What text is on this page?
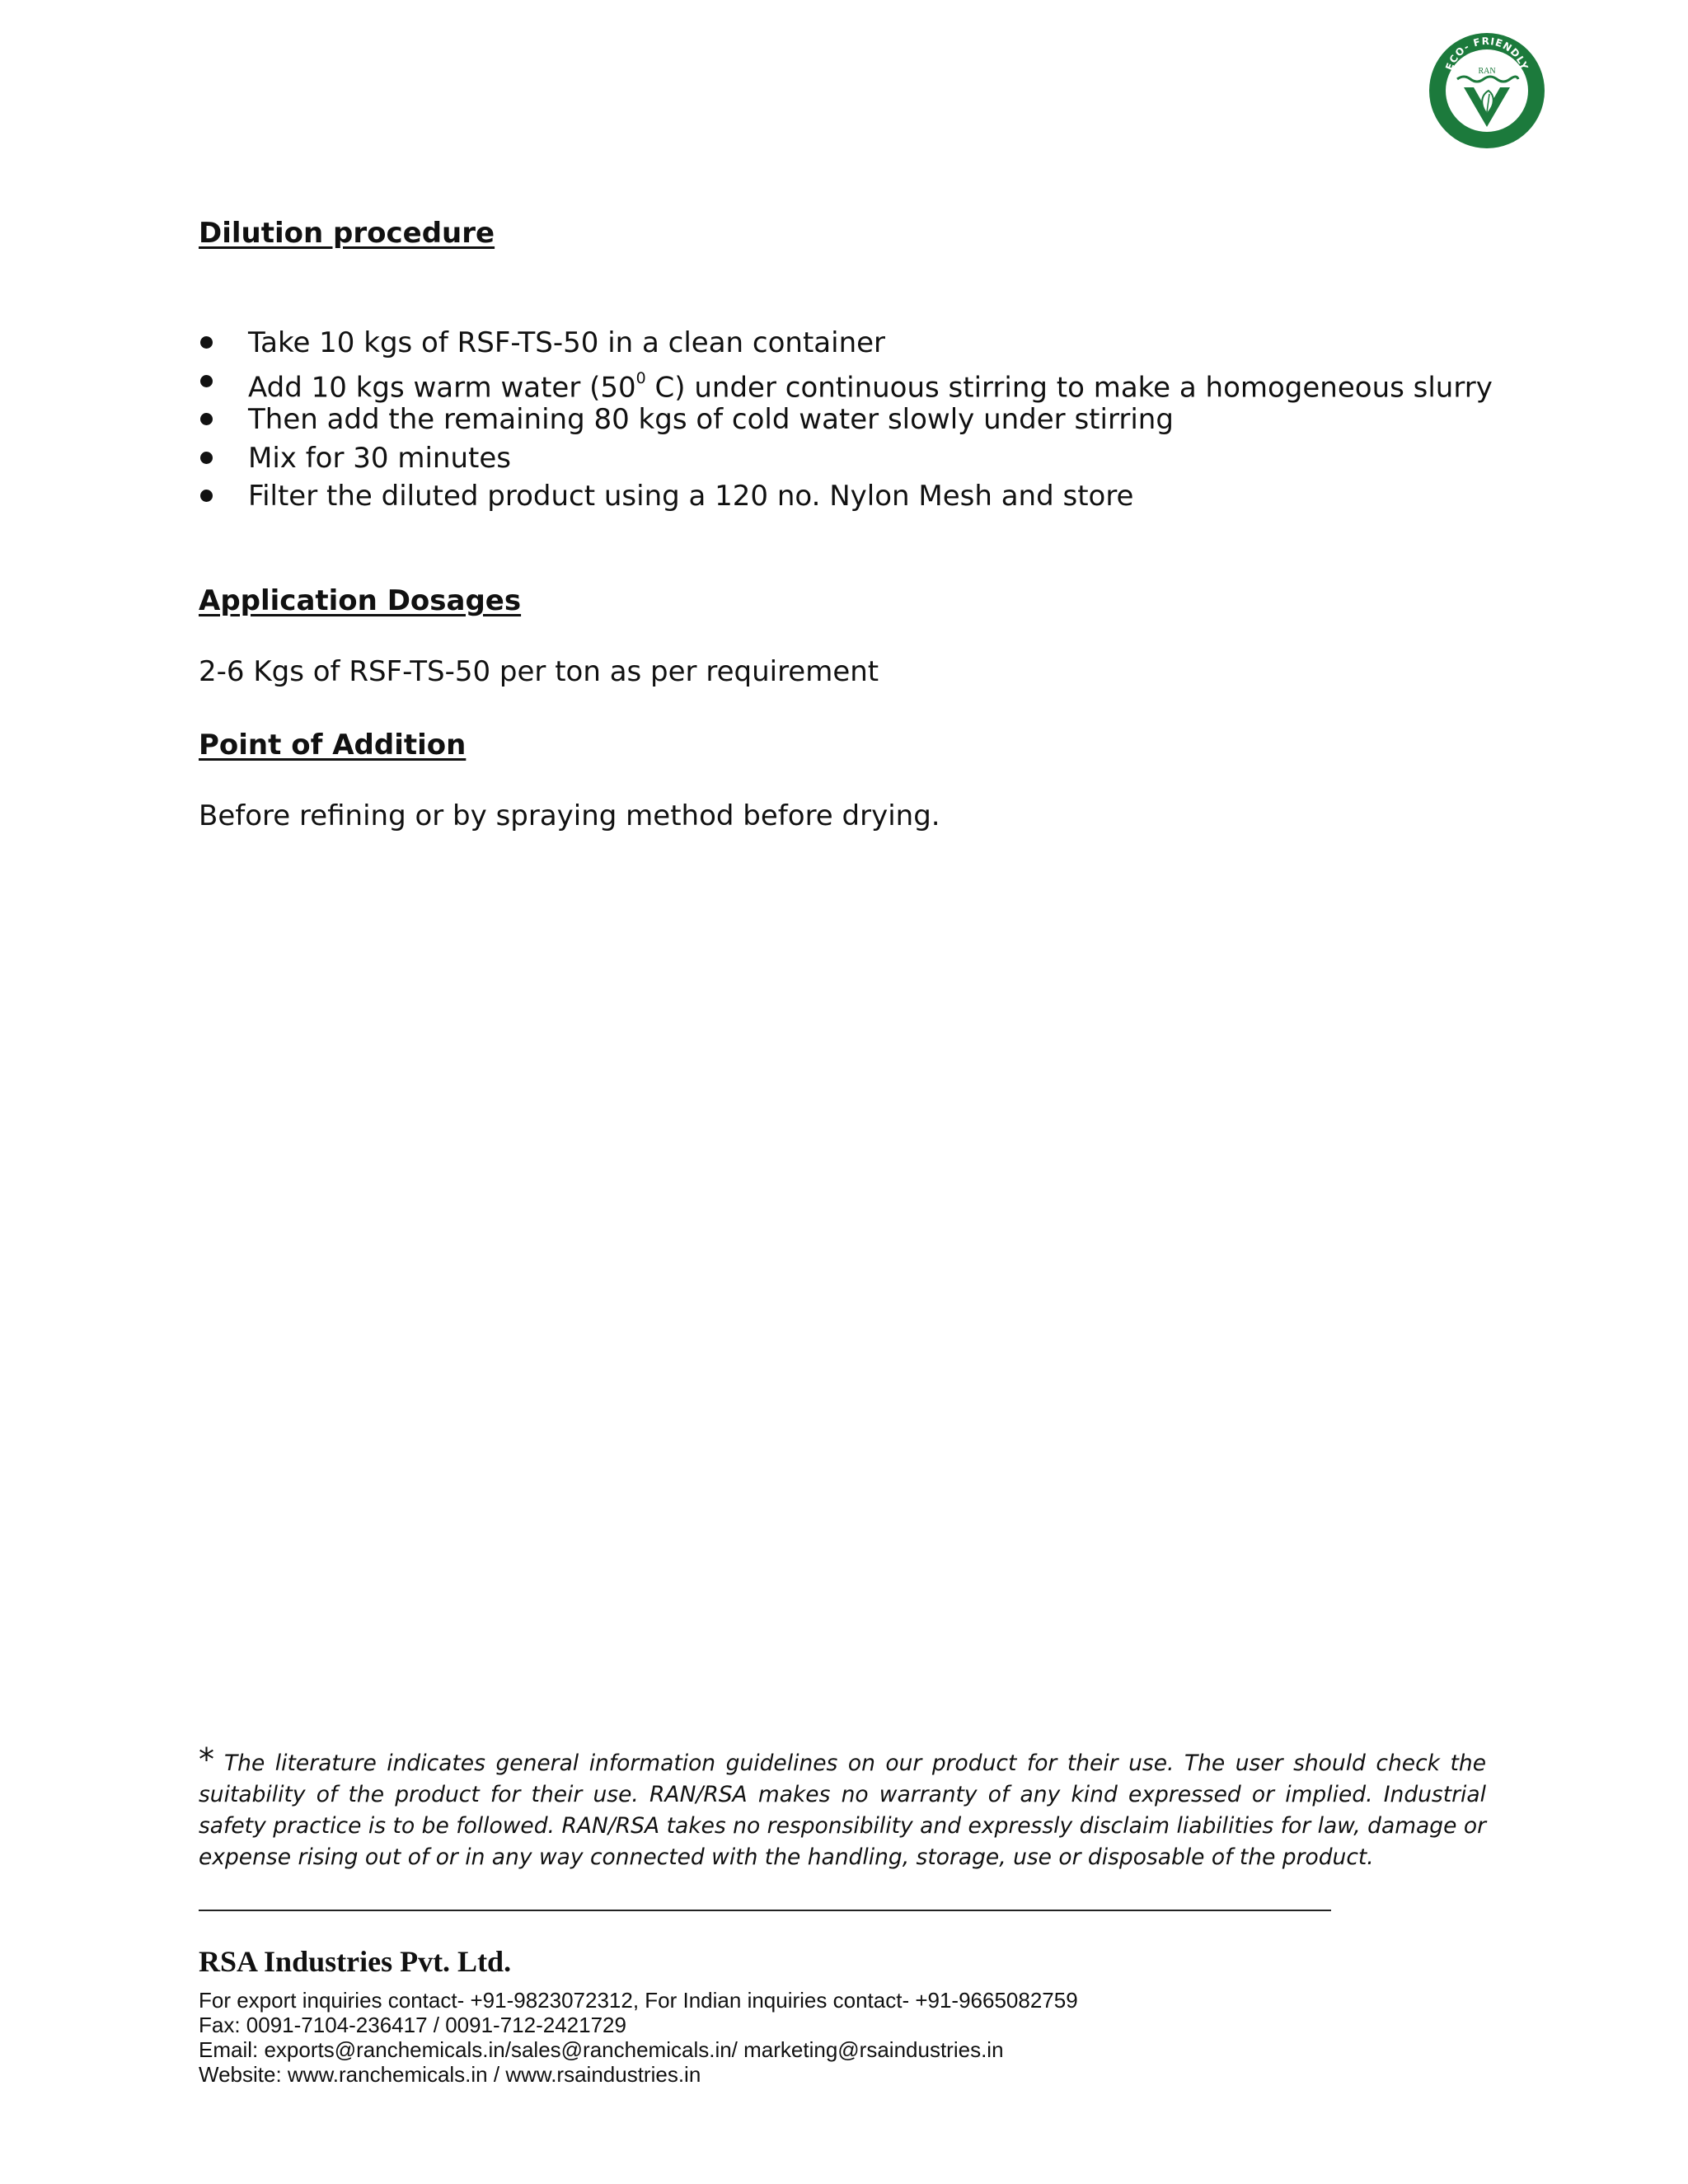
ECO- FRIENDLY
RAN
Dilution procedure
Take 10 kgs of RSF-TS-50 in a clean container
Add 10 kgs warm water ($50^0$ C) under continuous stirring to make a homogeneous slurry
Then add the remaining 80 kgs of cold water slowly under stirring
Mix for 30 minutes
Filter the diluted product using a 120 no. Nylon Mesh and store
Application Dosages
2-6 Kgs of RSF-TS-50 per ton as per requirement
Point of Addition
Before refining or by spraying method before drying.
* The literature indicates general information guidelines on our product for their use. The user should check the suitability of the product for their use. RAN/RSA makes no warranty of any kind expressed or implied. Industrial safety practice is to be followed. RAN/RSA takes no responsibility and expressly disclaim liabilities for law, damage or expense rising out of or in any way connected with the handling, storage, use or disposable of the product.
RSA Industries Pvt. Ltd.
For export inquiries contact- +91-9823072312, For Indian inquiries contact- +91-9665082759
Fax: 0091-7104-236417 / 0091-712-2421729
Email: exports@ranchemicals.in/sales@ranchemicals.in/ marketing@rsaindustries.in
Website: www.ranchemicals.in / www.rsaindustries.in
